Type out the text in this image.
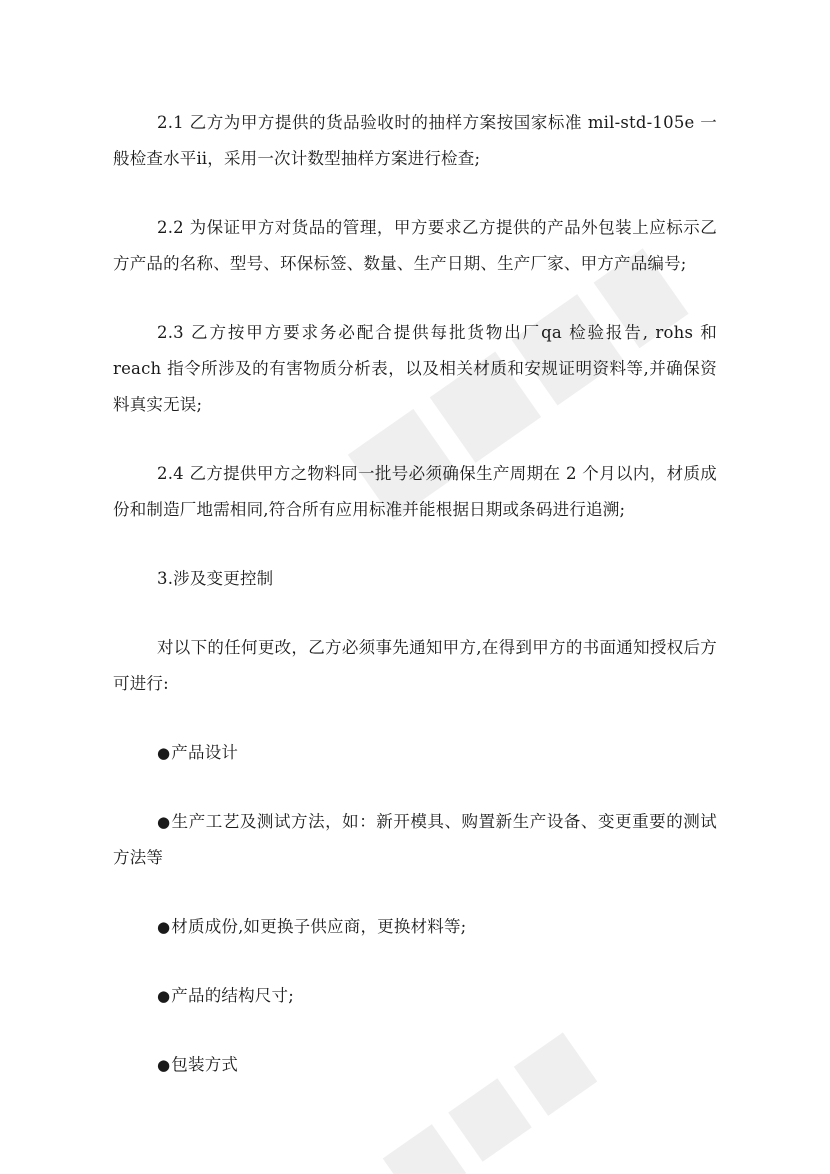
2.1 乙方为甲方提供的货品验收时的抽样方案按国家标准 mil-std-105e 一般检查水平ⅱ，采用一次计数型抽样方案进行检查;

2.2 为保证甲方对货品的管理，甲方要求乙方提供的产品外包装上应标示乙方产品的名称、型号、环保标签、数量、生产日期、生产厂家、甲方产品编号;

2.3 乙方按甲方要求务必配合提供每批货物出厂qa 检验报告, rohs 和 reach 指令所涉及的有害物质分析表，以及相关材质和安规证明资料等,并确保资料真实无误;

2.4 乙方提供甲方之物料同一批号必须确保生产周期在 2 个月以内，材质成份和制造厂地需相同,符合所有应用标准并能根据日期或条码进行追溯;

3.涉及变更控制

对以下的任何更改，乙方必须事先通知甲方,在得到甲方的书面通知授权后方可进行:

● 产品设计

● 生产工艺及测试方法，如：新开模具、购置新生产设备、变更重要的测试方法等

● 材质成份,如更换子供应商，更换材料等;

● 产品的结构尺寸;

● 包装方式
